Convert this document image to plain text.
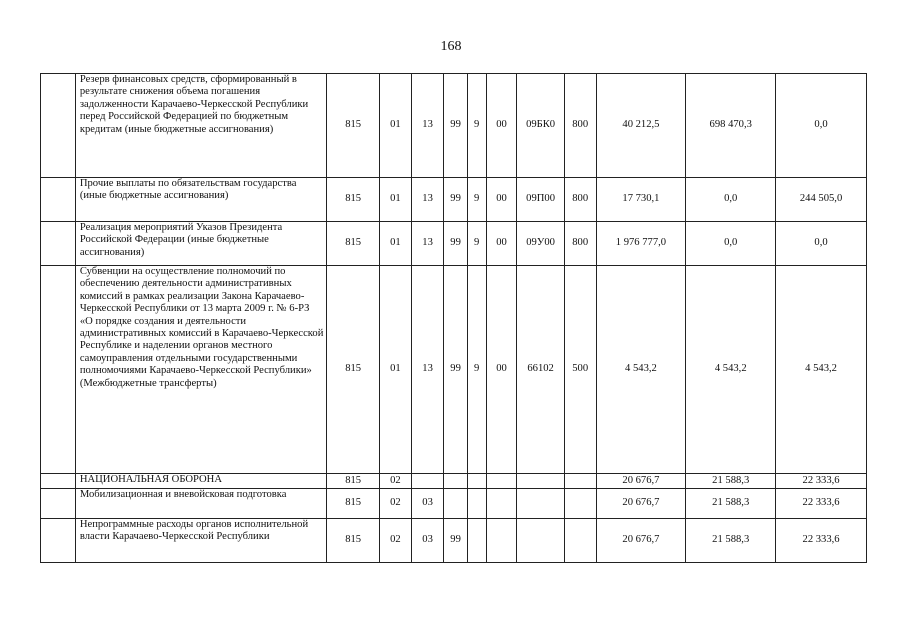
168
	Резерв финансовых средств, сформированный в результате снижения объема погашения задолженности Карачаево-Черкесской Республики перед Российской Федерацией по бюджетным кредитам (иные бюджетные ассигнования)	815	01	13	99	9	00	09БК0	800	40 212,5	698 470,3	0,0
	Прочие выплаты по обязательствам государства (иные бюджетные ассигнования)	815	01	13	99	9	00	09П00	800	17 730,1	0,0	244 505,0
	Реализация мероприятий Указов Президента Российской Федерации (иные бюджетные ассигнования)	815	01	13	99	9	00	09У00	800	1 976 777,0	0,0	0,0
	Субвенции на осуществление полномочий по обеспечению деятельности административных комиссий в рамках реализации Закона Карачаево-Черкесской Республики от 13 марта 2009 г. № 6-РЗ «О порядке создания и деятельности административных комиссий в Карачаево-Черкесской Республике и наделении органов местного самоуправления отдельными государственными полномочиями Карачаево-Черкесской Республики» (Межбюджетные трансферты)	815	01	13	99	9	00	66102	500	4 543,2	4 543,2	4 543,2
	НАЦИОНАЛЬНАЯ ОБОРОНА	815	02							20 676,7	21 588,3	22 333,6
	Мобилизационная и вневойсковая подготовка	815	02	03						20 676,7	21 588,3	22 333,6
	Непрограммные расходы органов исполнительной власти Карачаево-Черкесской Республики	815	02	03	99					20 676,7	21 588,3	22 333,6
